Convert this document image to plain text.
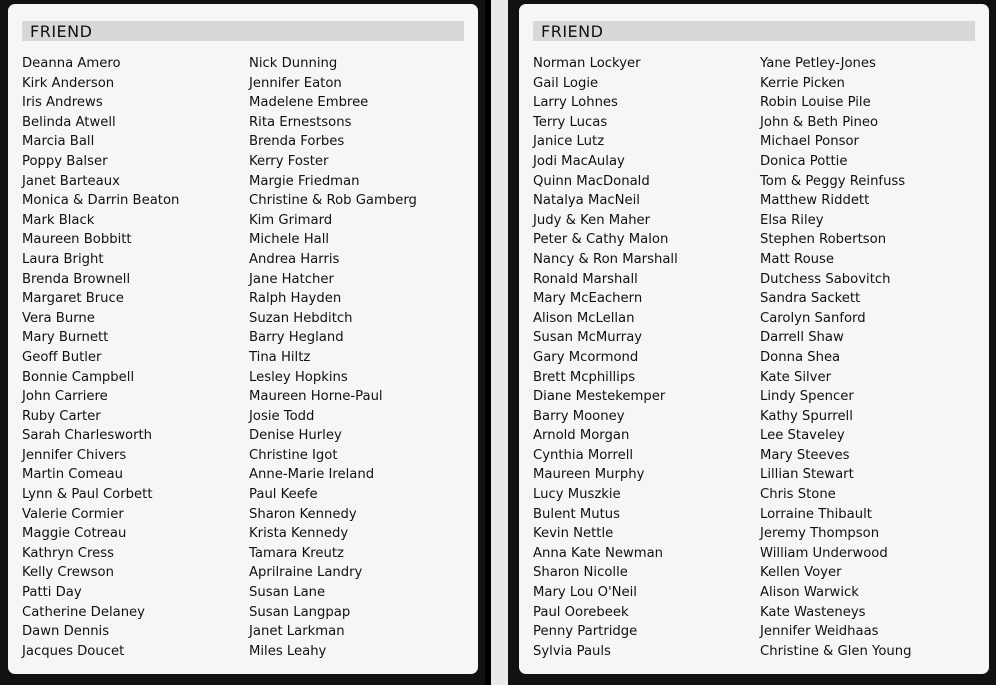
FRIEND
Deanna Amero
Kirk Anderson
Iris Andrews
Belinda Atwell
Marcia Ball
Poppy Balser
Janet Barteaux
Monica & Darrin Beaton
Mark Black
Maureen Bobbitt
Laura Bright
Brenda Brownell
Margaret Bruce
Vera Burne
Mary Burnett
Geoff Butler
Bonnie Campbell
John Carriere
Ruby Carter
Sarah Charlesworth
Jennifer Chivers
Martin Comeau
Lynn & Paul Corbett
Valerie Cormier
Maggie Cotreau
Kathryn Cress
Kelly Crewson
Patti Day
Catherine Delaney
Dawn Dennis
Jacques Doucet
Nick Dunning
Jennifer Eaton
Madelene Embree
Rita Ernestsons
Brenda Forbes
Kerry Foster
Margie Friedman
Christine & Rob Gamberg
Kim Grimard
Michele Hall
Andrea Harris
Jane Hatcher
Ralph Hayden
Suzan Hebditch
Barry Hegland
Tina Hiltz
Lesley Hopkins
Maureen Horne-Paul
Josie Todd
Denise Hurley
Christine Igot
Anne-Marie Ireland
Paul Keefe
Sharon Kennedy
Krista Kennedy
Tamara Kreutz
Aprilraine Landry
Susan Lane
Susan Langpap
Janet Larkman
Miles Leahy
FRIEND
Norman Lockyer
Gail Logie
Larry Lohnes
Terry Lucas
Janice Lutz
Jodi MacAulay
Quinn MacDonald
Natalya MacNeil
Judy & Ken Maher
Peter & Cathy Malon
Nancy & Ron Marshall
Ronald Marshall
Mary McEachern
Alison McLellan
Susan McMurray
Gary Mcormond
Brett Mcphillips
Diane Mestekemper
Barry Mooney
Arnold Morgan
Cynthia Morrell
Maureen Murphy
Lucy Muszkie
Bulent Mutus
Kevin Nettle
Anna Kate Newman
Sharon Nicolle
Mary Lou O'Neil
Paul Oorebeek
Penny Partridge
Sylvia Pauls
Yane Petley-Jones
Kerrie Picken
Robin Louise Pile
John & Beth Pineo
Michael Ponsor
Donica Pottie
Tom & Peggy Reinfuss
Matthew Riddett
Elsa Riley
Stephen Robertson
Matt Rouse
Dutchess Sabovitch
Sandra Sackett
Carolyn Sanford
Darrell Shaw
Donna Shea
Kate Silver
Lindy Spencer
Kathy Spurrell
Lee Staveley
Mary Steeves
Lillian Stewart
Chris Stone
Lorraine Thibault
Jeremy Thompson
William Underwood
Kellen Voyer
Alison Warwick
Kate Wasteneys
Jennifer Weidhaas
Christine & Glen Young
